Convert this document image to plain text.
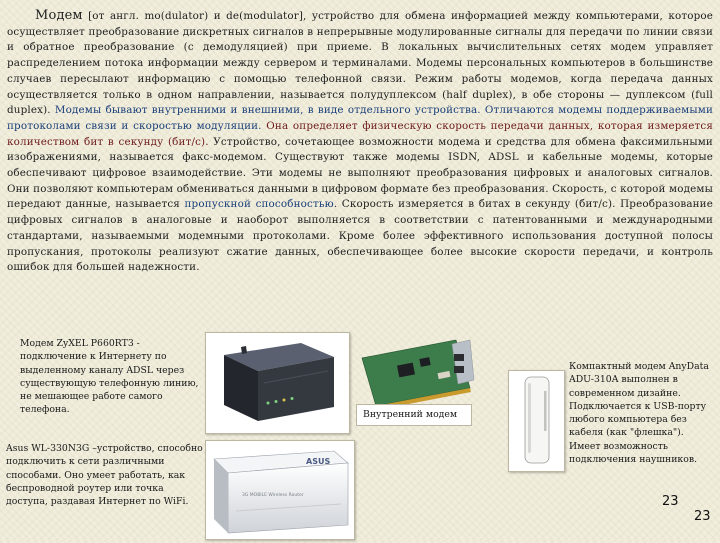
Модем [от англ. mo(dulator) и de(modulator], устройство для обмена информацией между компьютерами, которое осуществляет преобразование дискретных сигналов в непрерывные модулированные сигналы для передачи по линии связи и обратное преобразование (с демодуляцией) при приеме. В локальных вычислительных сетях модем управляет распределением потока информации между сервером и терминалами. Модемы персональных компьютеров в большинстве случаев пересылают информацию с помощью телефонной связи. Режим работы модемов, когда передача данных осуществляется только в одном направлении, называется полудуплексом (half duplex), в обе стороны — дуплексом (full duplex). Модемы бывают внутренними и внешними, в виде отдельного устройства. Отличаются модемы поддерживаемыми протоколами связи и скоростью модуляции. Она определяет физическую скорость передачи данных, которая измеряется количеством бит в секунду (бит/с). Устройство, сочетающее возможности модема и средства для обмена факсимильными изображениями, называется факс-модемом. Существуют также модемы ISDN, ADSL и кабельные модемы, которые обеспечивают цифровое взаимодействие. Эти модемы не выполняют преобразования цифровых и аналоговых сигналов. Они позволяют компьютерам обмениваться данными в цифровом формате без преобразования. Скорость, с которой модемы передают данные, называется пропускной способностью. Скорость измеряется в битах в секунду (бит/с). Преобразование цифровых сигналов в аналоговые и наоборот выполняется в соответствии с патентованными и международными стандартами, называемыми модемными протоколами. Кроме более эффективного использования доступной полосы пропускания, протоколы реализуют сжатие данных, обеспечивающее более высокие скорости передачи, и контроль ошибок для большей надежности.
Модем ZyXEL P660RT3 - подключение к Интернету по выделенному каналу ADSL через существующую телефонную линию, не мешающее работе самого телефона.
Asus WL-330N3G –устройство, способно подключить к сети различными способами. Оно умеет работать, как беспроводной роутер или точка доступа, раздавая Интернет по WiFi.
ASUS
3G MOBILE Wireless Router
Внутренний модем
Компактный модем AnyData ADU-310A выполнен в современном дизайне. Подключается к USB-порту любого компьютера без кабеля (как "флешка"). Имеет возможность подключения наушников.
23
23
